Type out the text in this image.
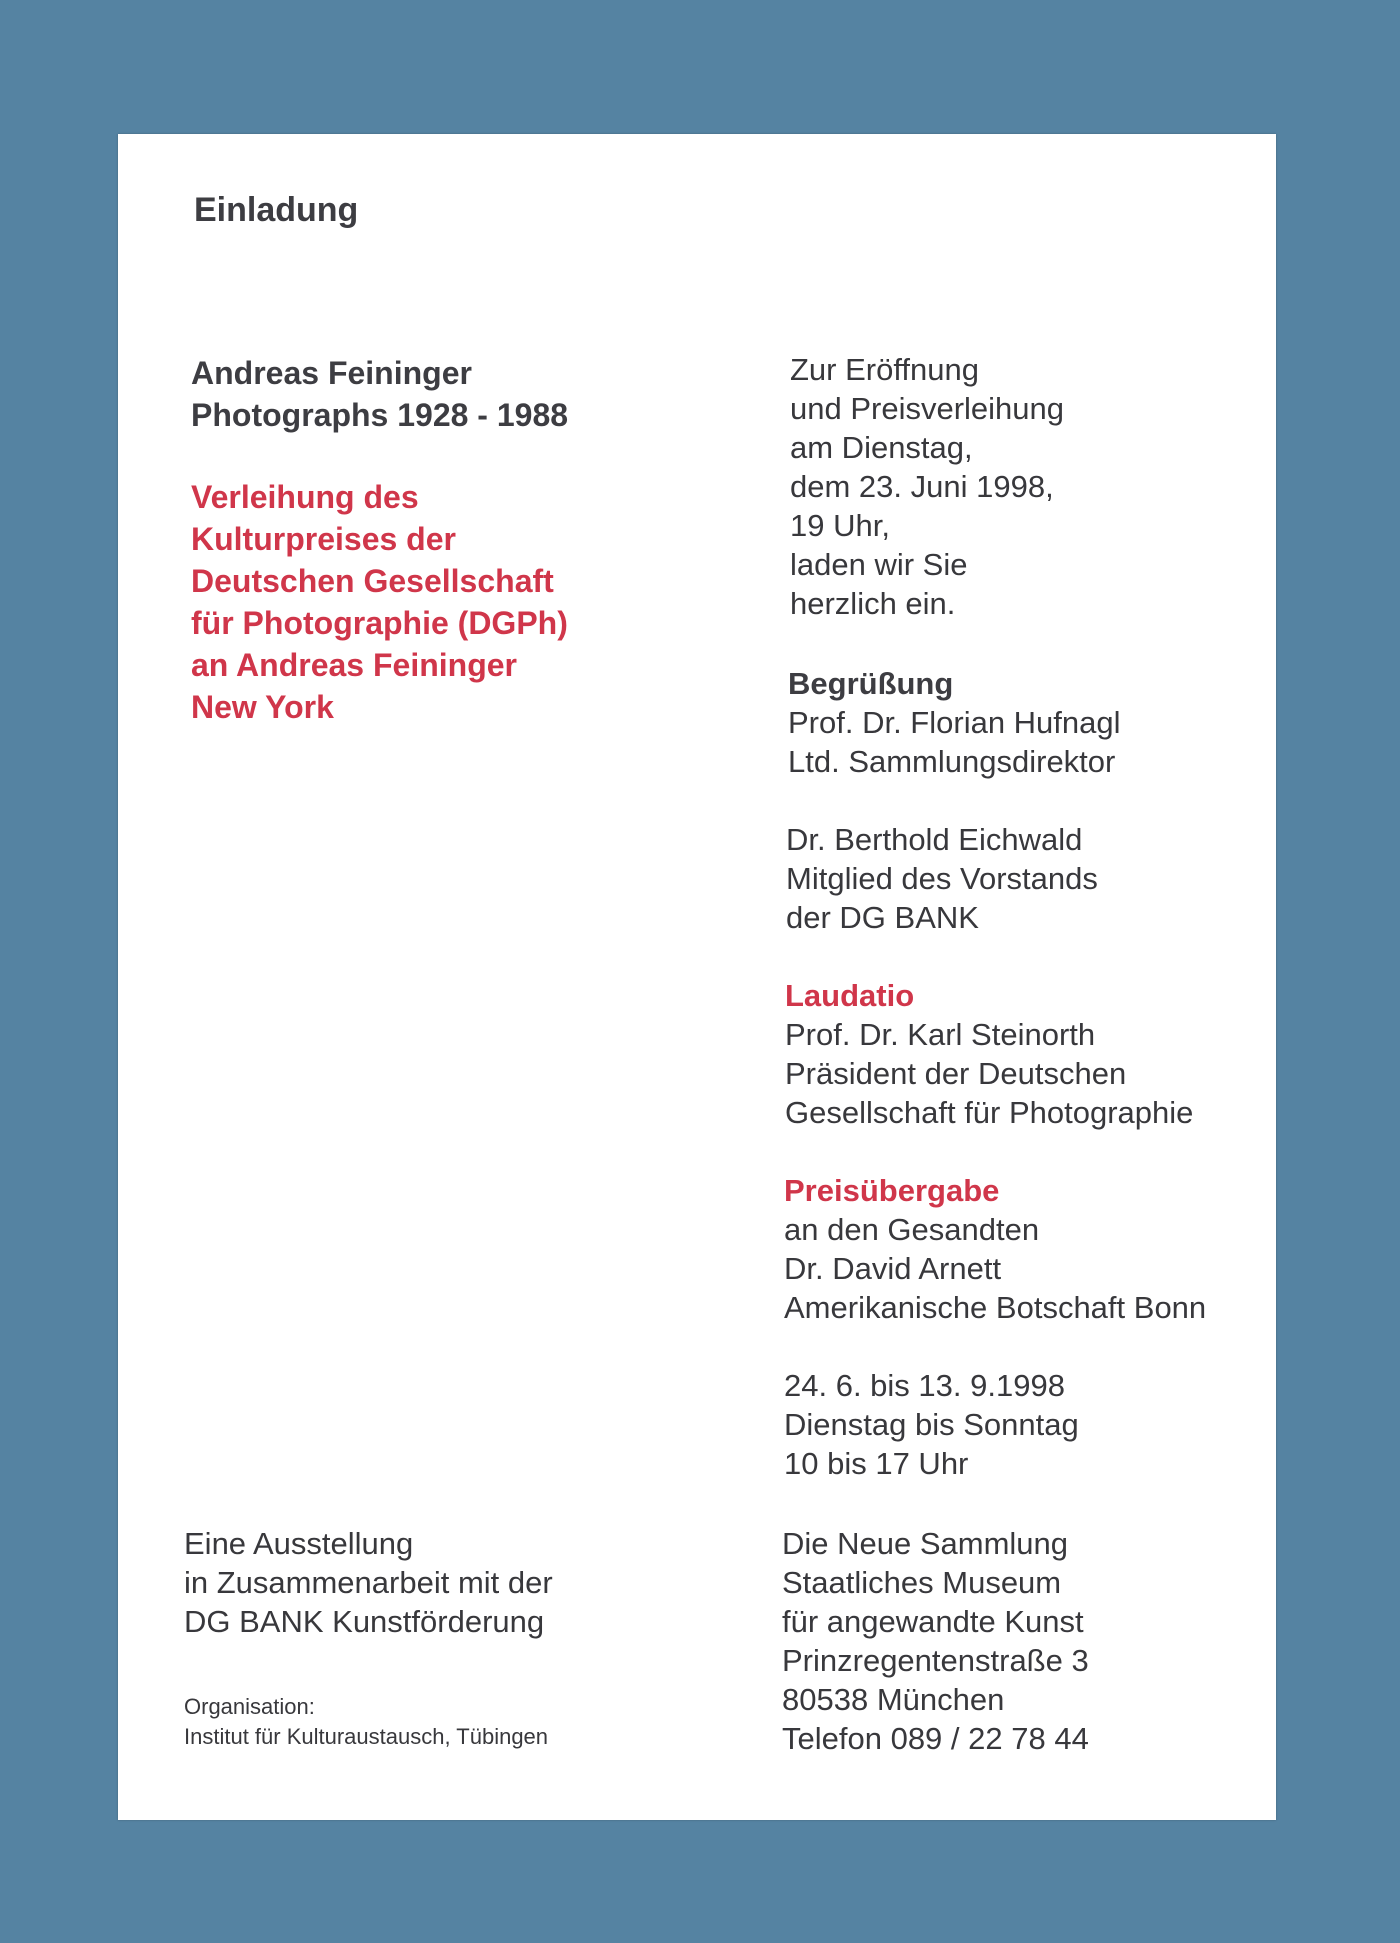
Einladung
Andreas Feininger
Photographs 1928 - 1988
Verleihung des
Kulturpreises der
Deutschen Gesellschaft
für Photographie (DGPh)
an Andreas Feininger
New York
Eine Ausstellung
in Zusammenarbeit mit der
DG BANK Kunstförderung
Organisation:
Institut für Kulturaustausch, Tübingen
Zur Eröffnung
und Preisverleihung
am Dienstag,
dem 23. Juni 1998,
19 Uhr,
laden wir Sie
herzlich ein.
Begrüßung
Prof. Dr. Florian Hufnagl
Ltd. Sammlungsdirektor
Dr. Berthold Eichwald
Mitglied des Vorstands
der DG BANK
Laudatio
Prof. Dr. Karl Steinorth
Präsident der Deutschen
Gesellschaft für Photographie
Preisübergabe
an den Gesandten
Dr. David Arnett
Amerikanische Botschaft Bonn
24. 6. bis 13. 9.1998
Dienstag bis Sonntag
10 bis 17 Uhr
Die Neue Sammlung
Staatliches Museum
für angewandte Kunst
Prinzregentenstraße 3
80538 München
Telefon 089 / 22 78 44
